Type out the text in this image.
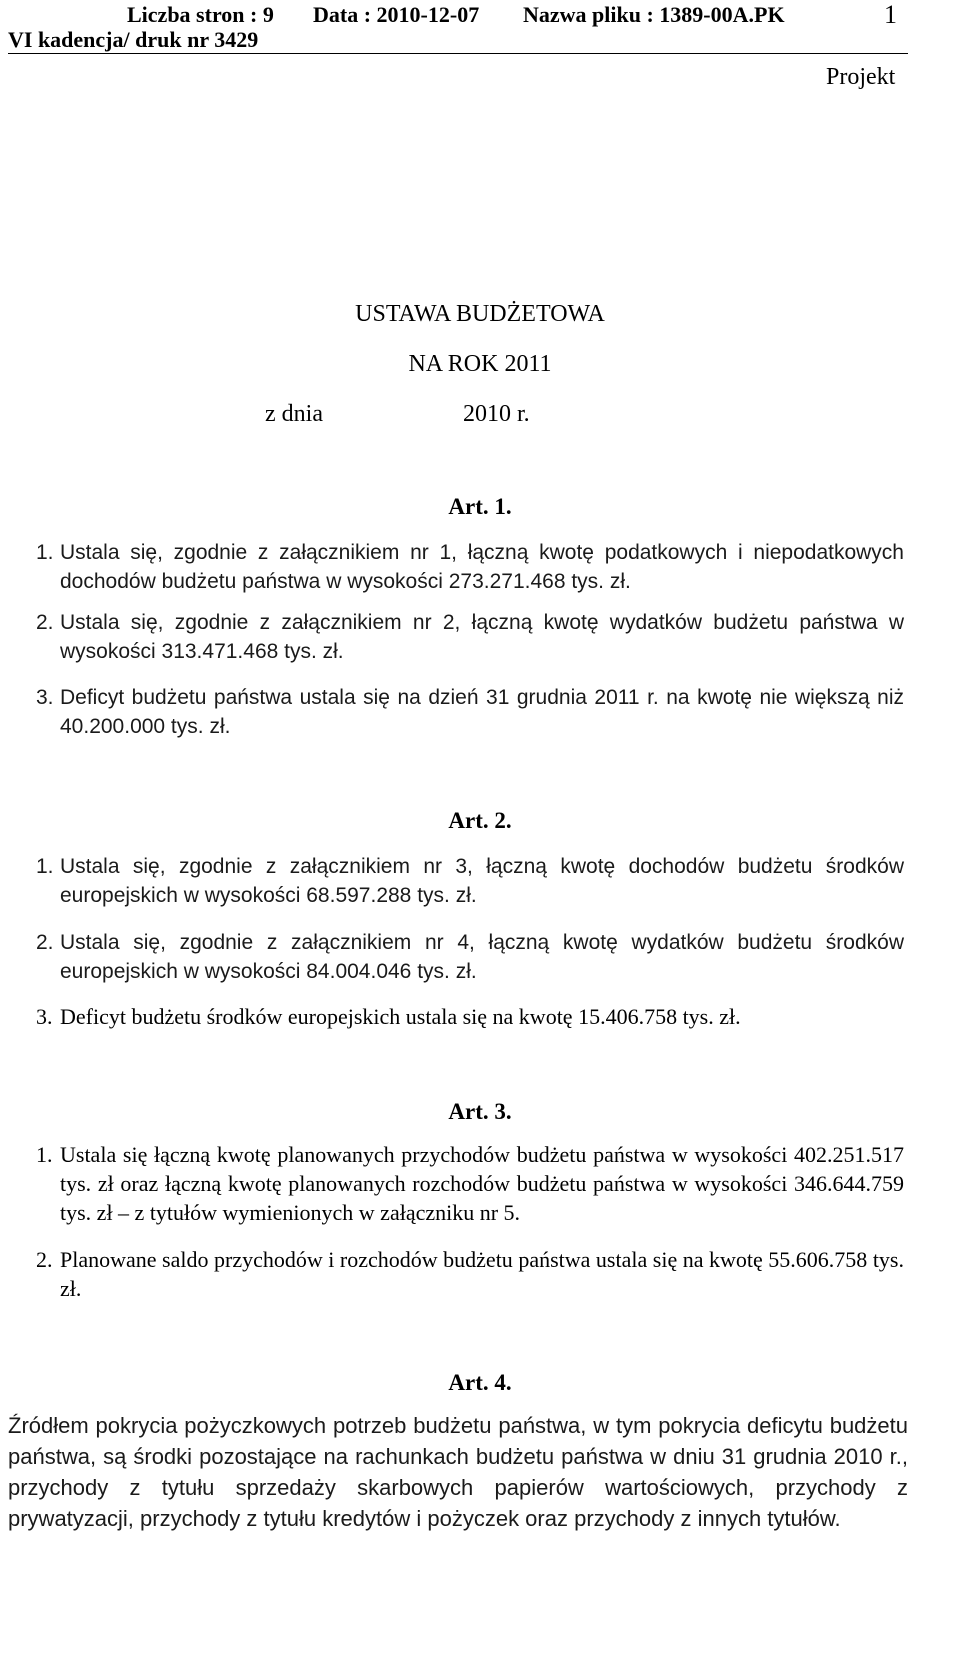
Liczba stron : 9 Data : 2010-12-07 Nazwa pliku : 1389-00A.PK	1
VI kadencja/ druk nr 3429
Projekt
USTAWA BUDŻETOWA
NA ROK 2011
z dnia	2010 r.
Art. 1.
1. Ustala się, zgodnie z załącznikiem nr 1, łączną kwotę podatkowych i niepodatkowych dochodów budżetu państwa w wysokości 273.271.468 tys. zł.
2. Ustala się, zgodnie z załącznikiem nr 2, łączną kwotę wydatków budżetu państwa w wysokości 313.471.468 tys. zł.
3. Deficyt budżetu państwa ustala się na dzień 31 grudnia 2011 r. na kwotę nie większą niż 40.200.000 tys. zł.
Art. 2.
1. Ustala się, zgodnie z załącznikiem nr 3, łączną kwotę dochodów budżetu środków europejskich w wysokości 68.597.288 tys. zł.
2. Ustala się, zgodnie z załącznikiem nr 4, łączną kwotę wydatków budżetu środków europejskich w wysokości 84.004.046 tys. zł.
3. Deficyt budżetu środków europejskich ustala się na kwotę 15.406.758 tys. zł.
Art. 3.
1. Ustala się łączną kwotę planowanych przychodów budżetu państwa w wysokości 402.251.517 tys. zł oraz łączną kwotę planowanych rozchodów budżetu państwa w wysokości 346.644.759 tys. zł – z tytułów wymienionych w załączniku nr 5.
2. Planowane saldo przychodów i rozchodów budżetu państwa ustala się na kwotę 55.606.758 tys. zł.
Art. 4.
Źródłem pokrycia pożyczkowych potrzeb budżetu państwa, w tym pokrycia deficytu budżetu państwa, są środki pozostające na rachunkach budżetu państwa w dniu 31 grudnia 2010 r., przychody z tytułu sprzedaży skarbowych papierów wartościowych, przychody z prywatyzacji, przychody z tytułu kredytów i pożyczek oraz przychody z innych tytułów.
